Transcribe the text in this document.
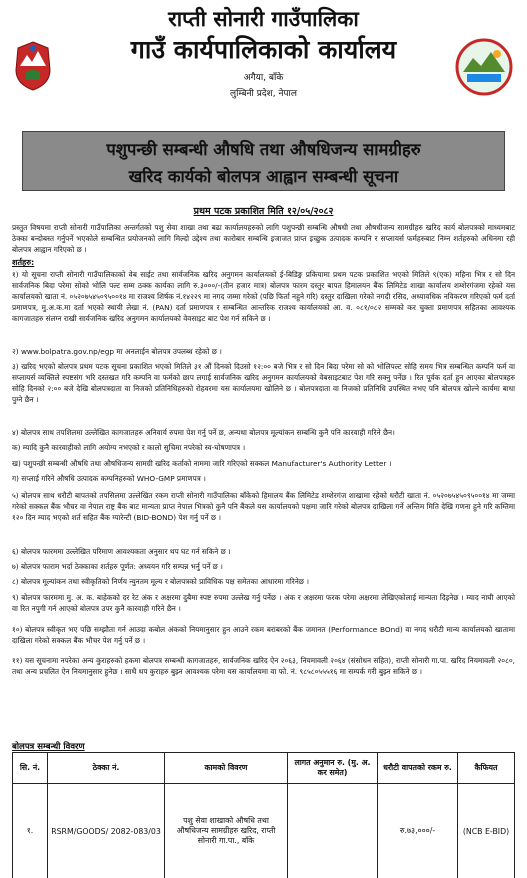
राप्ती सोनारी गाउँपालिका
गाउँ कार्यपालिकाको कार्यालय
अगैया, बाँके
लुम्बिनी प्रदेश, नेपाल
पशुपन्छी सम्बन्धी औषधि तथा औषधिजन्य सामग्रीहरु
खरिद कार्यको बोलपत्र आह्वान सम्बन्धी सूचना
प्रथम पटक प्रकाशित मिति १२/०५/२०८२
प्रस्तुत विषयमा राप्ती सोनारी गाउँपालिका अन्तर्गतको पशु सेवा शाखा तथा बढा कार्यालयहरुको लागि पशुपन्छी सम्बन्धि औषधी तथा औषधीजन्य सामग्रीहरु खरिद कार्य बोलपत्रको माध्यमबाट ठेक्का बन्दोबस्त गर्नुपर्ने भएकोले सम्बन्धित प्रयोजनको लागि मिल्दो उद्देश्य तथा कारोबार सम्बन्धि इजाजत प्राप्त इच्छुक उत्पादक कम्पनि र सप्लायर्स फर्महरुबाट निम्न शर्तहरुको अधिनमा रही बोलपत्र आह्वान गरिएको छ ।
शर्तहरु:
१) यो सूचना राप्ती सोनारी गाउँपालिकाको वेब साईट तथा सार्वजनिक खरिद अनुगमन कार्यालयको ई-बिडिङ्ग प्रकियामा प्रथम पटक प्रकाशित भएको मितिले ९(एक) महिना भित्र र सो दिन सार्वजनिक बिदा परेमा सोको भोलि पल्ट सम्म ठक्क कार्यका लागि रु.३०००/-(तीन हजार मात्र) बोलपत्र फारम दस्तुर बापत हिमालयन बैंक लिमिटेड शाखा कार्यालय शम्शेरगंजमा रहेको यस कार्यालयको खाता नं. ०५२०७५४५०९५००१४ मा राजश्व शिर्षक नं.१४२२९ मा नगद जम्मा गरेको (पछि फिर्ता नहुने गरि) दस्तुर दाखिला गरेको नगदी रसिद, अध्यावधिक नविकरण गरिएको फर्म दर्ता प्रमाणपत्र, मु.अ.क.मा दर्ता भएको स्थायी लेखा नं. (PAN) दर्ता प्रमाणपत्र र सम्बन्धित आन्तरिक राजश्व कार्यालयको आ. व. ०८१/०८२ सम्मको कर चुक्ता प्रमाणपत्र सहितका आवश्यक कागजातहरु संलग्न राखी सार्वजनिक खरिद अनुगमन कार्यालयको वेवसाइट बाट पेश गर्न सकिने छ ।
२) www.bolpatra.gov.np/egp मा अनलाईन बोलपत्र उपलब्ध रहेको छ ।
३) खरिद भएको बोलपत्र प्रथम पटक सूचना प्रकाशित भएको मितिले ३१ औं दिनको दिउसो १२:०० बजे भित्र र सो दिन बिदा परेमा सो को भोलिपल्ट सोहि समय भित्र सम्बन्धित कम्पनि फर्म वा सप्लायर्स व्यक्तिले स्पष्टसंग भरि दस्तखत गरि कम्पनि वा फर्मको छाप लगाई सार्वजनिक खरिद अनुगमन कार्यालयको वेबसाइटबाट पेश गरि सक्नु पर्नेछ । रित पूर्वक दर्ता हुन आएका बोलपत्रहरु सोहि दिनको २:०० बजे देखि बोलपत्रदाता वा निजको प्रतिनिधिहरुको रोहवरमा यस कार्यालयमा खोलिने छ । बोलपत्रदाता वा निजको प्रतिनिधि उपस्थित नभए पनि बोलपत्र खोल्ने कार्यमा बाधा पुग्ने छैन ।
४) बोलपत्र साथ तपशिलमा उल्लेखित कागजातहरु अनिवार्य रुपमा पेश गर्नु पर्ने छ, अन्यथा बोलपत्र मूल्यांकन सम्बन्धि कुनै पनि कारवाही गरिने छैन।
क) म्यादि कुनै कारवाहीको लागि अयोग्य नभएको र कालो सुचिमा नपरेको स्व-घोषणापत्र ।
ख) पशुपन्छी सम्बन्धी औषधि तथा औषधिजन्य सामग्री खरिद कर्ताको नाममा जारि गरिएको सक्कल Manufacturer's Authority Letter ।
ग) सप्लाई गरिने औषधि उत्पादक कम्पनिहरुको WHO-GMP प्रमाणपत्र ।
५) बोलपत्र साथ धरौटी बापतको तपसिलमा उल्लेखित रकम राप्ती सोनारी गाउँपालिका बाँकेको हिमालय बैंक लिमिटेड शम्शेरगंज शाखामा रहेको धरौटी खाता नं. ०५२०७५४५०९५००१४ मा जम्मा गरेको सक्कल बैंक भौचर वा नेपाल राष्ट्र बैंक बाट मान्यता प्राप्त नेपाल भित्रको कुनै पनि बैंकले यस कार्यालयको पक्षमा जारि गरेको बोलपत्र दाखिला गर्ने अन्तिम मिति देखि गणना हुने गरि कम्तिमा १२० दिन म्याद भएको शर्त सहित बैंक ग्यारेन्टी (BID-BOND) पेश गर्नु पर्ने छ ।
६) बोलपत्र फारममा उल्लेखित परिमाण आवश्यकता अनुसार थप घट गर्न सकिने छ ।
७) बोलपत्र फाराम भर्दा ठेक्काका शर्तहरु पूर्णत: अध्ययन गरि सम्पन्न भर्नु पर्ने छ ।
८) बोलपत्र मूल्यांकन तथा स्वीकृतिको निर्णय न्युनतम मूल्य र बोलपत्रको प्राविधिक पक्ष समेतका आधारमा गरिनेछ ।
९) बोलपत्र फारममा मु. अ. क. बाहेकको दर रेट अंक र अक्षरमा दुबैमा स्पष्ट रुपमा उल्लेख गर्नु पर्नेछ । अंक र अक्षरमा फरक परेमा अक्षरमा लेखिएकोलाई मान्यता दिइनेछ । म्याद नाघी आएको वा रित नपुगी गर्न आएको बोलपत्र उपर कुनै कारवाही गरिने छैन ।
१०) बोलपत्र स्वीकृत भए पछि सम्झौता गर्न आउदा कबोल अंकको नियमानुसार हुन आउने रकम बराबरको बैंक जमानत (Performance BOnd) वा नगद धरौटी मान्य कार्यालयको खातामा दाखिला गरेको सक्कल बैंक भौचर पेश गर्नु पर्ने छ ।
११) यस सूचनामा नपरेका अन्य कुराहरुको हकमा बोलपत्र सम्बन्धी कागजातहरु, सार्वजनिक खरिद ऐन २०६३, नियमावली २०६४ (संसोधन सहित), राप्ती सोनारी गा.पा. खरिद नियमावली २०८०, तथा अन्य प्रचलित ऐन नियमानुसार हुनेछ । साथै थप कुराहरु बुझ्न आवश्यक परेमा यस कार्यालयमा वा फो. नं. ९८५८०५५५१६ मा सम्पर्क गरी बुझ्न सकिने छ ।
बोलपत्र सम्बन्धी विवरण
सि. नं.	ठेक्का नं.	कामको विवरण	लागत अनुमान रु. (मु. अ. कर समेत)	धरौटी वापतको रकम रु.	कैफियत
१.	RSRM/GOODS/ 2082-083/03	पशु सेवा शाखाको औषधि तथा औषधिजन्य सामग्रीहरु खरिद, राप्ती सोनारी गा.पा., बाँके		रु.७३,०००/-	(NCB E-BID)
